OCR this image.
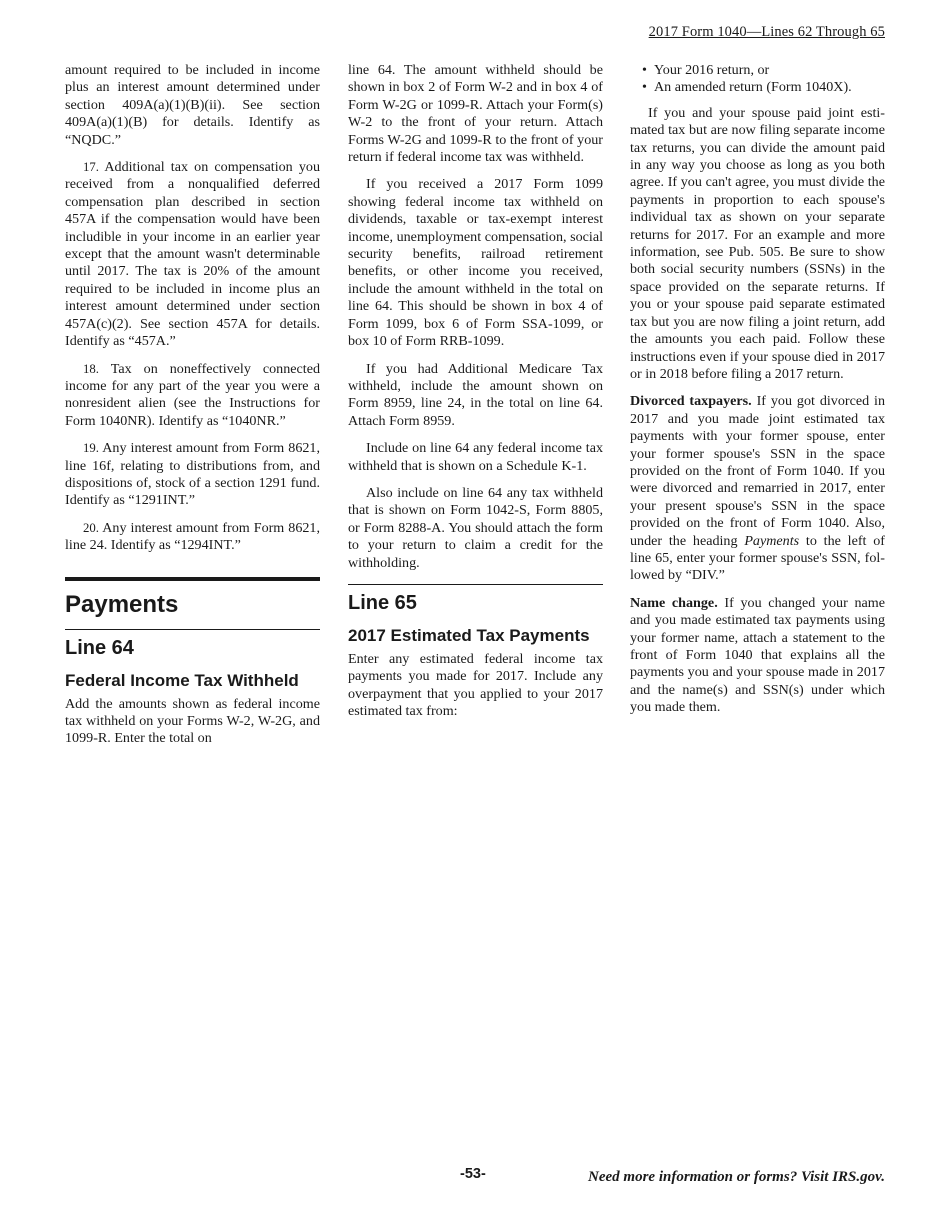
2017 Form 1040—Lines 62 Through 65

amount required to be included in income plus an interest amount determined under section 409A(a)(1)(B)(ii). See section 409A(a)(1)(B) for details. Identify as “NQDC.”

17. Additional tax on compensation you received from a nonqualified deferred compensation plan described in section 457A if the compensation would have been includible in your income in an earlier year except that the amount wasn't determinable until 2017. The tax is 20% of the amount required to be included in income plus an interest amount determined under section 457A(c)(2). See section 457A for details. Identify as “457A.”

18. Tax on noneffectively connected income for any part of the year you were a nonresident alien (see the Instructions for Form 1040NR). Identify as “1040NR.”

19. Any interest amount from Form 8621, line 16f, relating to distributions from, and dispositions of, stock of a section 1291 fund. Identify as “1291INT.”

20. Any interest amount from Form 8621, line 24. Identify as “1294INT.”

Payments
Line 64
Federal Income Tax Withheld

Add the amounts shown as federal income tax withheld on your Forms W-2, W-2G, and 1099-R. Enter the total on

line 64. The amount withheld should be shown in box 2 of Form W-2 and in box 4 of Form W-2G or 1099-R. Attach your Form(s) W-2 to the front of your return. Attach Forms W-2G and 1099-R to the front of your return if federal income tax was withheld.

If you received a 2017 Form 1099 showing federal income tax withheld on dividends, taxable or tax-exempt interest income, unemployment compensation, social security benefits, railroad retirement benefits, or other income you received, include the amount withheld in the total on line 64. This should be shown in box 4 of Form 1099, box 6 of Form SSA-1099, or box 10 of Form RRB-1099.

If you had Additional Medicare Tax withheld, include the amount shown on Form 8959, line 24, in the total on line 64. Attach Form 8959.

Include on line 64 any federal income tax withheld that is shown on a Schedule K-1.

Also include on line 64 any tax withheld that is shown on Form 1042-S, Form 8805, or Form 8288-A. You should attach the form to your return to claim a credit for the withholding.

Line 65
2017 Estimated Tax Payments

Enter any estimated federal income tax payments you made for 2017. Include any overpayment that you applied to your 2017 estimated tax from:

• Your 2016 return, or
• An amended return (Form 1040X).

If you and your spouse paid joint estimated tax but are now filing separate income tax returns, you can divide the amount paid in any way you choose as long as you both agree. If you can't agree, you must divide the payments in proportion to each spouse's individual tax as shown on your separate returns for 2017. For an example and more information, see Pub. 505. Be sure to show both social security numbers (SSNs) in the space provided on the separate returns. If you or your spouse paid separate estimated tax but you are now filing a joint return, add the amounts you each paid. Follow these instructions even if your spouse died in 2017 or in 2018 before filing a 2017 return.

Divorced taxpayers. If you got divorced in 2017 and you made joint estimated tax payments with your former spouse, enter your former spouse's SSN in the space provided on the front of Form 1040. If you were divorced and remarried in 2017, enter your present spouse's SSN in the space provided on the front of Form 1040. Also, under the heading Payments to the left of line 65, enter your former spouse's SSN, followed by “DIV.”

Name change. If you changed your name and you made estimated tax payments using your former name, attach a statement to the front of Form 1040 that explains all the payments you and your spouse made in 2017 and the name(s) and SSN(s) under which you made them.

-53-	Need more information or forms? Visit IRS.gov.
